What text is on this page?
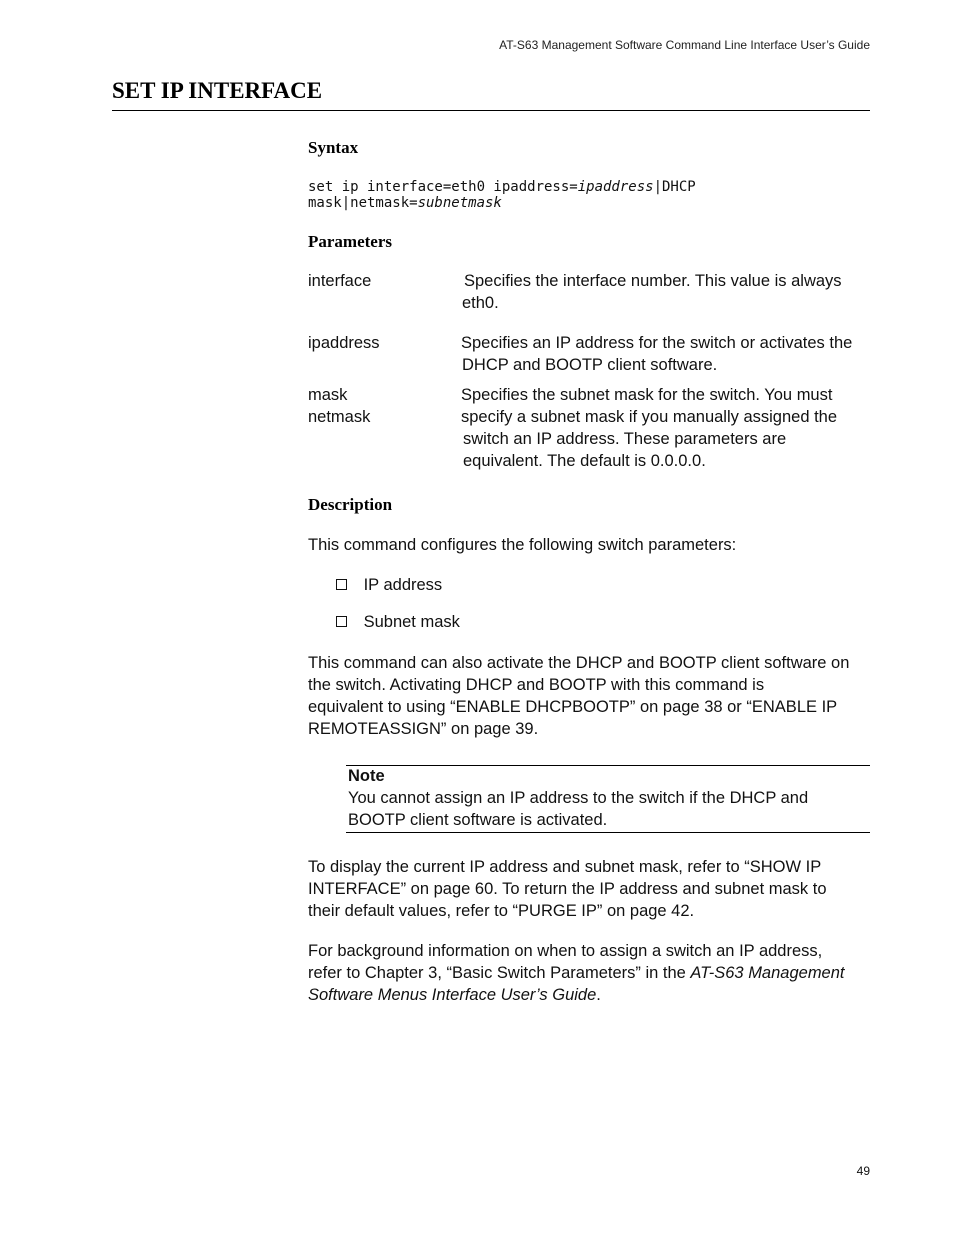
AT-S63 Management Software Command Line Interface User’s Guide
SET IP INTERFACE
Syntax
set ip interface=eth0 ipaddress=ipaddress|DHCP
mask|netmask=subnetmask
Parameters
interface	Specifies the interface number. This value is always
eth0.
ipaddress	Specifies an IP address for the switch or activates the
DHCP and BOOTP client software.
mask
netmask
Specifies the subnet mask for the switch. You must
specify a subnet mask if you manually assigned the
switch an IP address. These parameters are
equivalent. The default is 0.0.0.0.
Description
This command configures the following switch parameters:
IP address
Subnet mask
This command can also activate the DHCP and BOOTP client software on
the switch. Activating DHCP and BOOTP with this command is
equivalent to using “ENABLE DHCPBOOTP” on page 38 or “ENABLE IP
REMOTEASSIGN” on page 39.
Note
You cannot assign an IP address to the switch if the DHCP and
BOOTP client software is activated.
To display the current IP address and subnet mask, refer to “SHOW IP
INTERFACE” on page 60. To return the IP address and subnet mask to
their default values, refer to “PURGE IP” on page 42.
For background information on when to assign a switch an IP address,
refer to Chapter 3, “Basic Switch Parameters” in the AT-S63 Management
Software Menus Interface User’s Guide.
49
